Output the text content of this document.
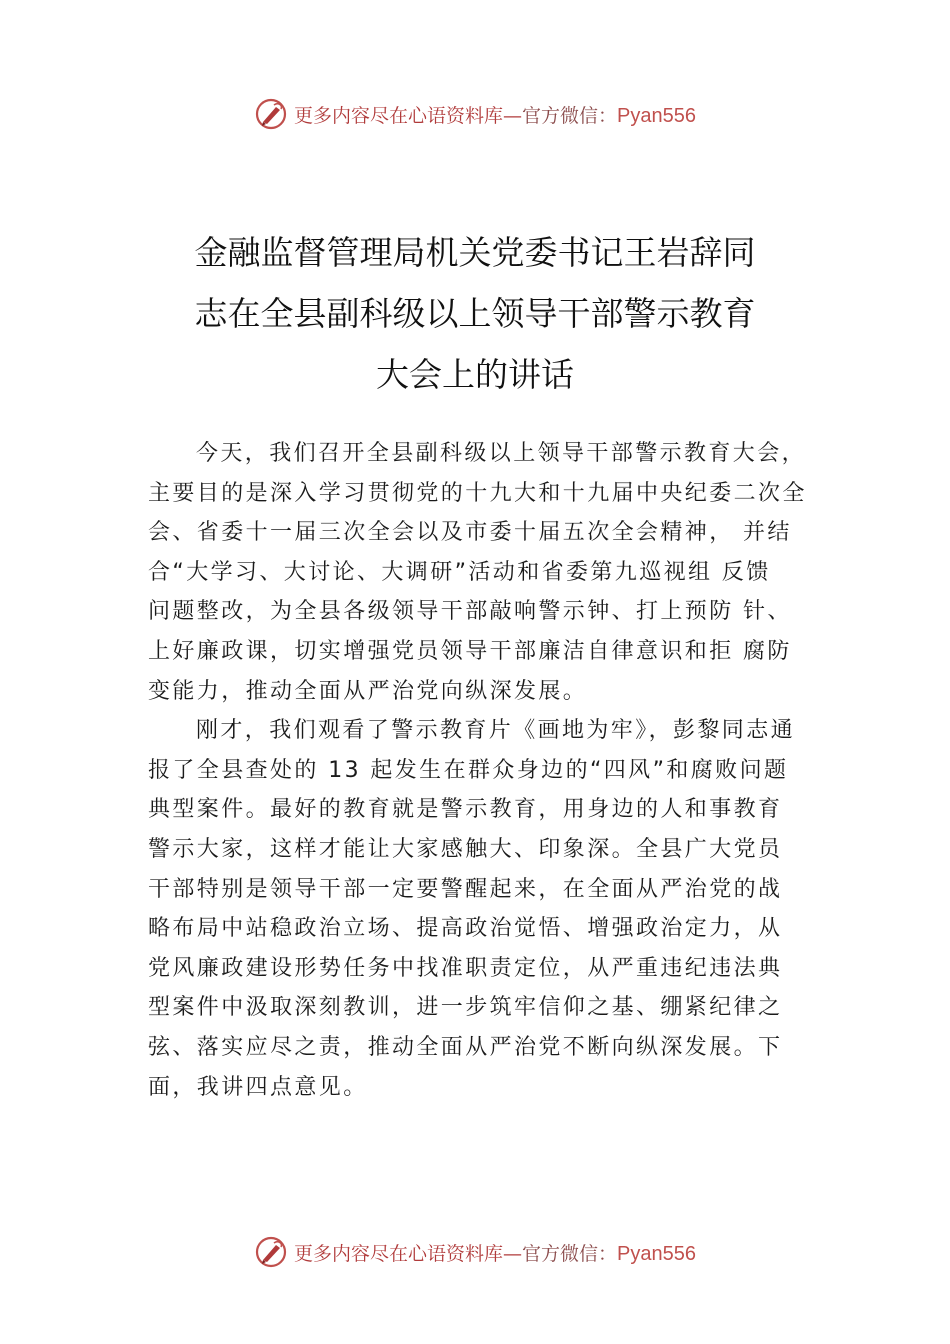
更多内容尽在心语资料库—官方微信：Pyan556
金融监督管理局机关党委书记王岩辞同
志在全县副科级以上领导干部警示教育
大会上的讲话
今天，我们召开全县副科级以上领导干部警示教育大会，
主要目的是深入学习贯彻党的十九大和十九届中央纪委二次全
会、省委十一届三次全会以及市委十届五次全会精神， 并结
合“大学习、大讨论、大调研”活动和省委第九巡视组 反馈
问题整改，为全县各级领导干部敲响警示钟、打上预防 针、
上好廉政课，切实增强党员领导干部廉洁自律意识和拒 腐防
变能力，推动全面从严治党向纵深发展。
刚才，我们观看了警示教育片《画地为牢》，彭黎同志通
报了全县查处的 13 起发生在群众身边的“四风”和腐败问题
典型案件。最好的教育就是警示教育，用身边的人和事教育
警示大家，这样才能让大家感触大、印象深。全县广大党员
干部特别是领导干部一定要警醒起来，在全面从严治党的战
略布局中站稳政治立场、提高政治觉悟、增强政治定力，从
党风廉政建设形势任务中找准职责定位，从严重违纪违法典
型案件中汲取深刻教训，进一步筑牢信仰之基、绷紧纪律之
弦、落实应尽之责，推动全面从严治党不断向纵深发展。下
面，我讲四点意见。
更多内容尽在心语资料库—官方微信：Pyan556
